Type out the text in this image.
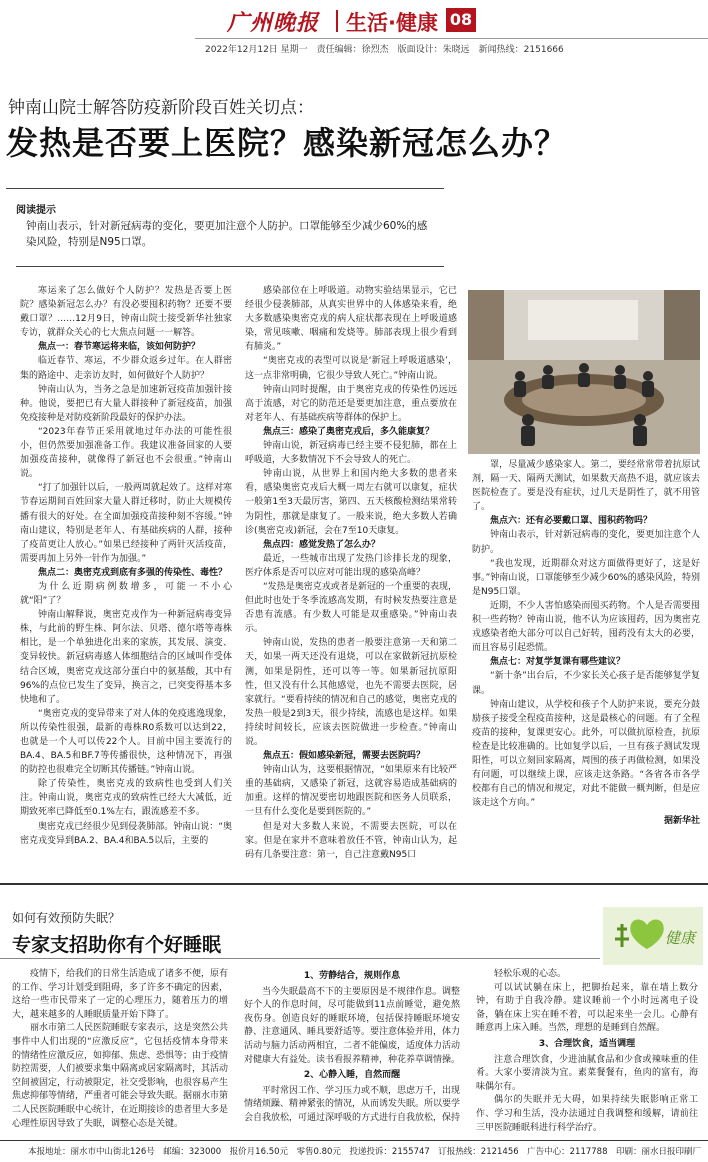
广州晚报 生活·健康 08
2022年12月12日 星期一　责任编辑：徐烈杰　版面设计：朱晓远　新闻热线：2151666
钟南山院士解答防疫新阶段百姓关切点：
发热是否要上医院？感染新冠怎么办？
阅读提示
钟南山表示，针对新冠病毒的变化，要更加注意个人防护。口罩能够至少减少60%的感染风险，特别是N95口罩。

寒运来了怎么做好个人防护？发热是否要上医院？感染新冠怎么办？有没必要囤积药物？还要不要戴口罩？……12月9日，钟南山院士接受新华社独家专访，就群众关心的七大焦点问题一一解答。

焦点一：春节寒运将来临，该如何防护？

临近春节、寒运，不少群众返乡过年。在人群密集的路途中、走亲访友时，如何做好个人防护？

钟南山认为，当务之急是加速新冠疫苗加强针接种。他说，要把已有大量人群接种了新冠疫苗，加强免疫接种是对防疫新阶段最好的保护办法。

“2023年春节正采用就地过年办法的可能性很小，但仍然要加强准备工作。我建议准备回家的人要加强疫苗接种，就像得了新冠也不会很重。”钟南山说。

“打了加强针以后，一般两周就起效了。这样对寒节春运期间百姓回家大量人群迁移时，防止大规模传播有很大的好处。在全面加强疫苗接种刻不容缓。”钟南山建议，特别是老年人、有基础疾病的人群，接种了疫苗更让人放心。”如果已经接种了两针灭活疫苗，需要再加上另外一针作为加强。”

焦点二：奥密克戎到底有多强的传染性、毒性？

为什么近期病例数增多，可能一不小心就“阳”了？

钟南山解释说，奥密克戎作为一种新冠病毒变异株，与此前的野生株、阿尔法、贝塔、德尔塔等毒株相比，是一个单独进化出来的家族，其发展、演变、变异较快。新冠病毒感人体细胞结合的区域叫作受体结合区域，奥密克戎这部分蛋白中的氨基酸，其中有96%的点位已发生了变异，换言之，已突变得基本多快地和了。

“奥密克戎的变异带来了对人体的免疫逃逸现象，所以传染性很强，最新的毒株R0系数可以达到22，也就是一个人可以传22个人。目前中国主要流行的BA.4、BA.5和BF.7等传播很快，这种情况下，再强的防控也很难完全切断其传播链。”钟南山说。

除了传染性，奥密克戎的致病性也受到人们关注。钟南山说，奥密克戎的致病性已经大大减低，近期致死率已降低至0.1%左右，跟流感差不多。

奥密克戎已经很少见到侵袭肺部。钟南山说：“奥密克戎变异到BA.2、BA.4和BA.5以后，主要的

感染部位在上呼吸道。动物实验结果显示，它已经很少侵袭肺部，从真实世界中的人体感染来看，绝大多数感染奥密克戎的病人症状都表现在上呼吸道感染，常见咳嗽、咽痛和发烧等。肺部表现上很少看到有肺炎。”

“奥密克戎的表型可以说是‘新冠上呼吸道感染’，这一点非常明确，它很少导致人死亡。”钟南山说。

钟南山同时提醒，由于奥密克戎的传染性仍远远高于流感，对它的防范还是要更加注意，重点要放在对老年人、有基础疾病等群体的保护上。

焦点三：感染了奥密克戎后，多久能康复？

钟南山说，新冠病毒已经主要不侵犯肺，都在上呼吸道，大多数情况下不会导致人的死亡。

钟南山说，从世界上和国内绝大多数的患者来看，感染奥密克戎后大概一周左右就可以康复，症状一般第1至3天最厉害，第四、五天核酸检测结果常转为阴性，那就是康复了。一般来说，绝大多数人若确诊(奥密克戎)新冠，会在7至10天康复。

焦点四：感觉发热了怎么办？

最近，一些城市出现了发热门诊排长龙的现象，医疗体系是否可以应对可能出现的感染高峰？

“发热是奥密克戎或者是新冠的一个重要的表现，但此时也处于冬季流感高发期，有时候发热要注意是否患有流感。有少数人可能是双重感染。”钟南山表示。

钟南山说，发热的患者一般要注意第一天和第二天，如果一两天还没有退烧，可以在家做新冠抗原检测，如果是阴性，还可以等一等。如果新冠抗原阳性，但又没有什么其他感觉，也先不需要去医院，居家就行。“要看持续的情况和自己的感觉，奥密克戎的发热一般是2到3天，很少持续，流感也是这样。如果持续时间较长，应该去医院做进一步检查。”钟南山说。

焦点五：假如感染新冠，需要去医院吗？

钟南山认为，这要根据情况，“如果原来有比较严重的基础病，又感染了新冠，这就容易造成基础病的加重。这样的情况要密切地跟医院和医务人员联系，一旦有什么变化是要到医院的。”

但是对大多数人来说，不需要去医院，可以在家。但是在家并不意味着放任不管，钟南山认为，起码有几条要注意：第一，自己注意戴N95口

罩，尽量减少感染家人。第二，要经常常带着抗原试剂，隔一天、隔两天测试，如果数天高热不退，就应该去医院检查了。要是没有症状，过几天是阴性了，就不用管了。

焦点六：还有必要戴口罩、囤积药物吗？

钟南山表示，针对新冠病毒的变化，要更加注意个人防护。

“我也发现，近期群众对这方面做得更好了，这是好事。”钟南山说，口罩能够至少减少60%的感染风险，特别是N95口罩。

近期，不少人害怕感染而囤买药物。个人是否需要囤积一些药物？钟南山说，他不认为应该囤药，因为奥密克戎感染者绝大部分可以自己好转，囤药没有太大的必要，而且容易引起恐慌。

焦点七：对复学复课有哪些建议？

“新十条”出台后，不少家长关心孩子是否能够复学复课。

钟南山建议，从学校和孩子个人防护来说，要充分鼓励孩子接受全程疫苗接种，这是最核心的问题。有了全程疫苗的接种，复课更安心。此外，可以做抗原检查，抗原检查是比较准确的。比如复学以后，一旦有孩子测试发现阳性，可以立刻回家隔离，周围的孩子再做检测，如果没有问题，可以继续上课，应该走这条路。“各省各市各学校都有自己的情况和规定，对此不能做一概判断，但是应该走这个方向。”

据新华社

如何有效预防失眠？
专家支招助你有个好睡眠	健康

疫情下，给我们的日常生活造成了诸多不便，原有的工作、学习计划受到阻碍，多了许多不确定的因素，这给一些市民带来了一定的心理压力，随着压力的增大，越来越多的人睡眠质量开始下降了。

丽水市第二人民医院睡眠专家表示，这是突然公共事件中人们出现的“应激反应”，它包括疫情本身带来的情绪性应激反应，如抑郁、焦虑、恐惧等；由于疫情防控需要，人们被要求集中隔离或居家隔离时，其活动空间被固定，行动被限定，社交受影响，也很容易产生焦虑抑郁等情绪，严重者可能会导致失眠。据丽水市第二人民医院睡眠中心统计，在近期接诊的患者里大多是心理性原因导致了失眠，调整心态是关键。

1、劳静结合，规则作息

当今失眠最高不下的主要原因是不规律作息。调整好个人的作息时间，尽可能做到11点前睡觉，避免熬夜伤身。创造良好的睡眠环境，包括保持睡眠环境安静、注意通风、睡具要舒适等。要注意体验并用，体力活动与脑力活动两相宜，二者不能偏废，适度体力活动对健康大有益处。读书看报养精神，种花养草调情操。

2、心静入睡，自然而醒

平时常因工作、学习压力或不顺，思虑万千，出现情绪烦躁、精神紧张的情况，从而诱发失眠。所以要学会自我放松，可通过深呼吸的方式进行自我放松，保持

轻松乐观的心态。

可以试试躺在床上，把脚抬起来，靠在墙上数分钟，有助于自我冷静。建议睡前一个小时远离电子设备，躺在床上实在睡不着，可以起来坐一会儿。心静有睡意再上床入睡。当然，理想的是睡到自然醒。

3、合理饮食，适当调理

注意合理饮食，少进油腻食品和少食或辣味重的佳肴。大家小要清淡为宜。素菜餐餐有，鱼肉的富有，海味偶尔有。

偶尔的失眠并无大碍，如果持续失眠影响正常工作、学习和生活，没办法通过自我调整和缓解，请前往三甲医院睡眠科进行科学治疗。

本报地址：丽水市中山街北126号　邮编：323000　报价月16.50元　零售0.80元　投递投诉：2155747　订报热线：2121456　广告中心：2117788　印刷：丽水日报印刷厂
